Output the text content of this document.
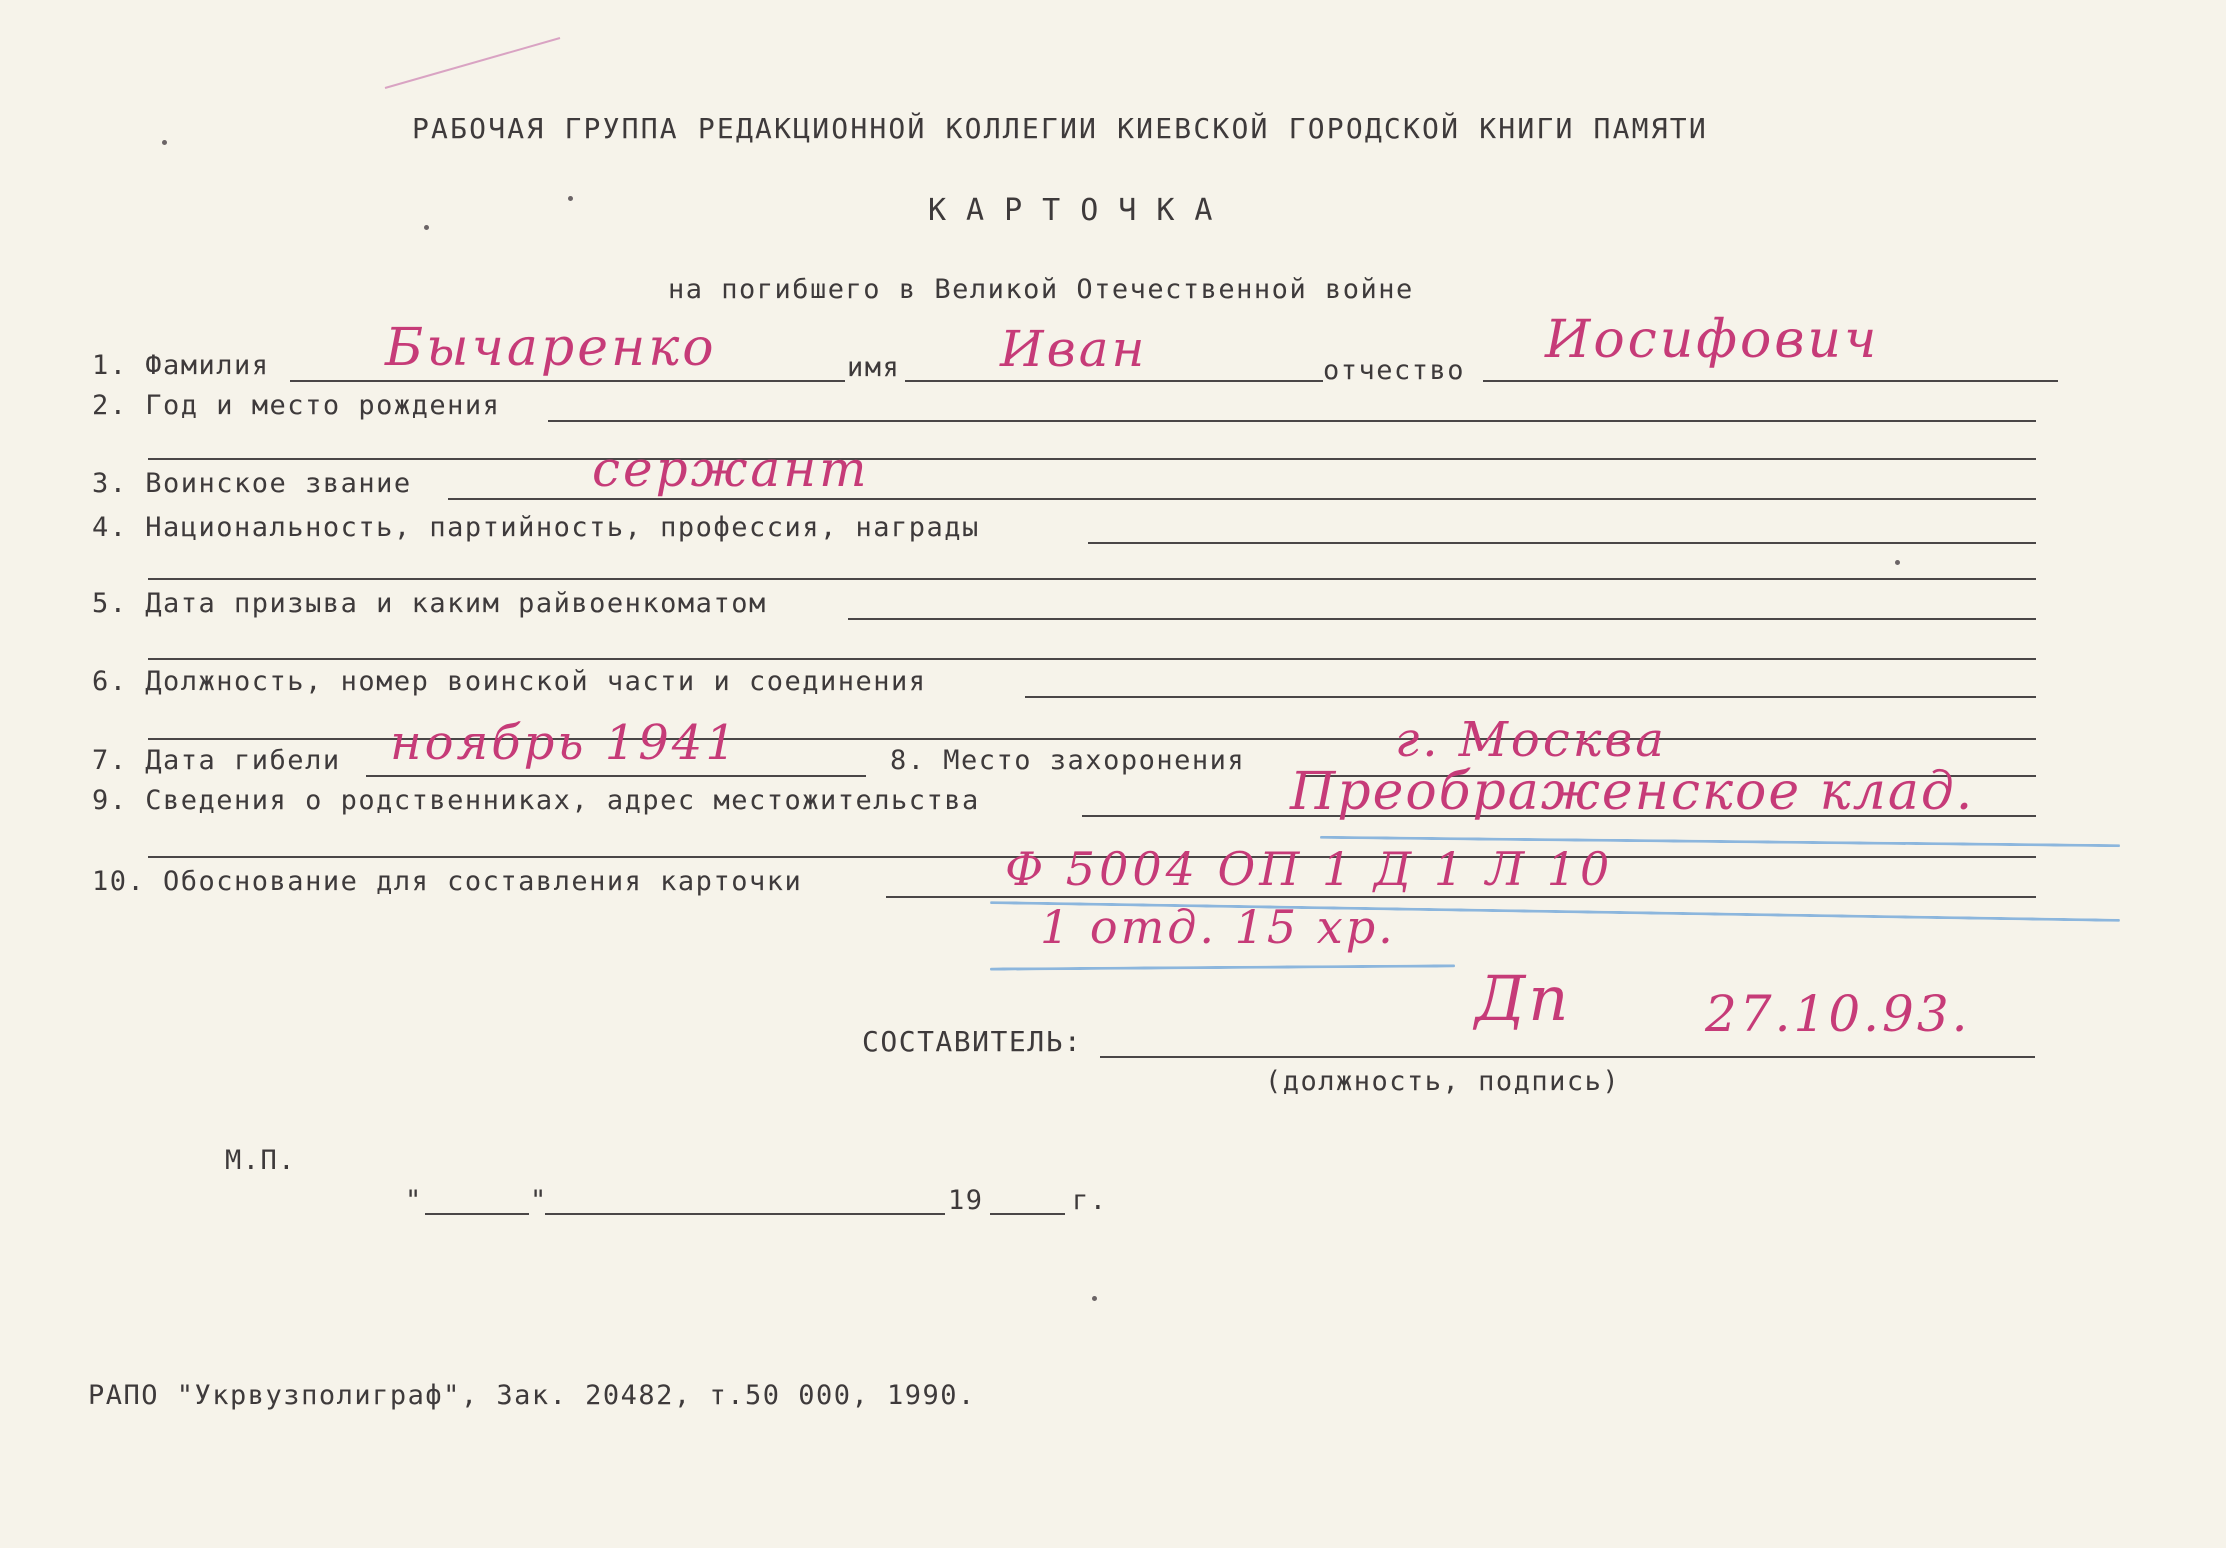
РАБОЧАЯ ГРУППА РЕДАКЦИОННОЙ КОЛЛЕГИИ КИЕВСКОЙ ГОРОДСКОЙ КНИГИ ПАМЯТИ
КАРТОЧКА
на погибшего в Великой Отечественной войне
1. Фамилия Бычаренко	имя Иван	отчество
Иосифович
2. Год и место рождения
3. Воинское звание	сержант
4. Национальность, партийность, профессия, награды
5. Дата призыва и каким райвоенкоматом
6. Должность, номер воинской части и соединения
7. Дата гибели ноябрь 1941	8. Место захоронения	г. Москва
9. Сведения о родственниках, адрес местожительства	Преображенское клад.
10. Обоснование для составления карточки	Ф 5004 ОП 1 Д 1 Л 10
1 отд. 15 хр.
СОСТАВИТЕЛЬ:
Дп	27.10.93.
(должность, подпись)
М.П.
"	"	19	г.
РАПО "Укрвузполиграф", Зак. 20482, т.50 000, 1990.
